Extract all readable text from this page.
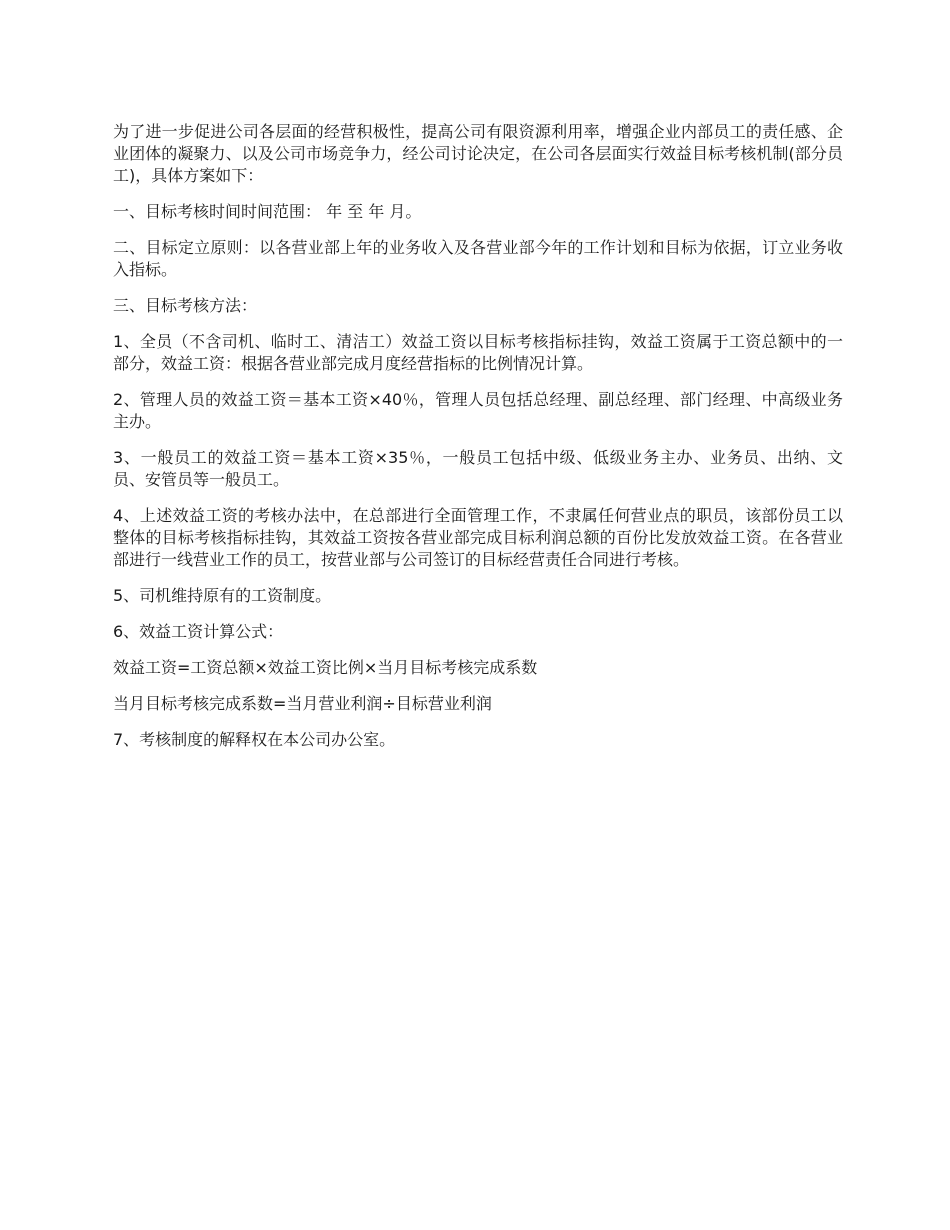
为了进一步促进公司各层面的经营积极性，提高公司有限资源利用率，增强企业内部员工的责任感、企业团体的凝聚力、以及公司市场竞争力，经公司讨论决定，在公司各层面实行效益目标考核机制(部分员工)，具体方案如下：

一、目标考核时间时间范围： 年 至 年 月。

二、目标定立原则：以各营业部上年的业务收入及各营业部今年的工作计划和目标为依据，订立业务收入指标。

三、目标考核方法：

1、全员（不含司机、临时工、清洁工）效益工资以目标考核指标挂钩，效益工资属于工资总额中的一部分，效益工资：根据各营业部完成月度经营指标的比例情况计算。

2、管理人员的效益工资＝基本工资×40％，管理人员包括总经理、副总经理、部门经理、中高级业务主办。

3、一般员工的效益工资＝基本工资×35％，一般员工包括中级、低级业务主办、业务员、出纳、文员、安管员等一般员工。

4、上述效益工资的考核办法中，在总部进行全面管理工作，不隶属任何营业点的职员，该部份员工以整体的目标考核指标挂钩，其效益工资按各营业部完成目标利润总额的百份比发放效益工资。在各营业部进行一线营业工作的员工，按营业部与公司签订的目标经营责任合同进行考核。

5、司机维持原有的工资制度。

6、效益工资计算公式：

效益工资=工资总额×效益工资比例×当月目标考核完成系数

当月目标考核完成系数=当月营业利润÷目标营业利润

7、考核制度的解释权在本公司办公室。
